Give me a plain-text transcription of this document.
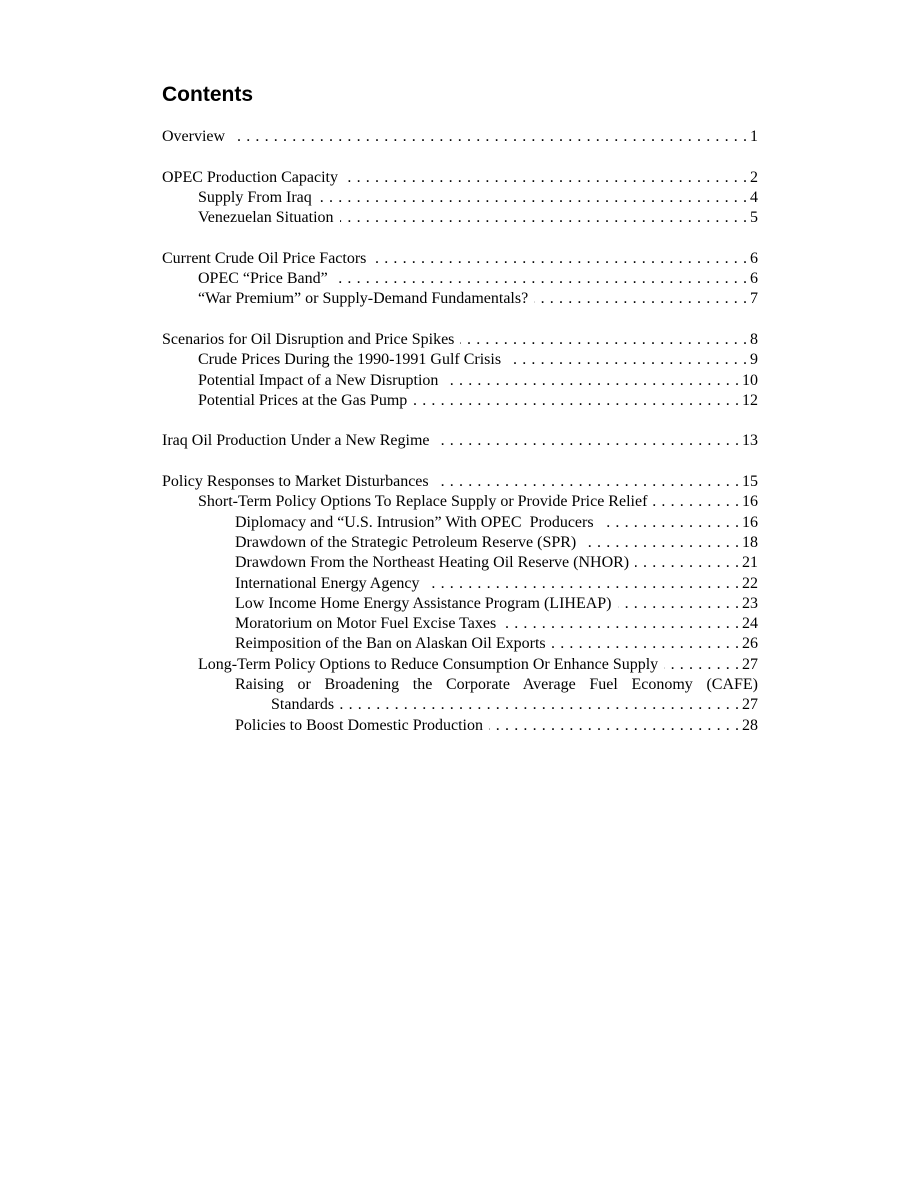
Contents
Overview . . .	1
OPEC Production Capacity . . .	2
Supply From Iraq . . .	4
Venezuelan Situation . . .	5
Current Crude Oil Price Factors . . .	6
OPEC “Price Band” . . .	6
“War Premium” or Supply-Demand Fundamentals? . . .	7
Scenarios for Oil Disruption and Price Spikes . . .	8
Crude Prices During the 1990-1991 Gulf Crisis . . .	9
Potential Impact of a New Disruption . . .	10
Potential Prices at the Gas Pump . . .	12
Iraq Oil Production Under a New Regime . . .	13
Policy Responses to Market Disturbances . . .	15
Short-Term Policy Options To Replace Supply or Provide Price Relief . . .	16
Diplomacy and “U.S. Intrusion” With OPEC  Producers . . .	16
Drawdown of the Strategic Petroleum Reserve (SPR) . . .	18
Drawdown From the Northeast Heating Oil Reserve (NHOR) . . .	21
International Energy Agency . . .	22
Low Income Home Energy Assistance Program (LIHEAP) . . .	23
Moratorium on Motor Fuel Excise Taxes . . .	24
Reimposition of the Ban on Alaskan Oil Exports . . .	26
Long-Term Policy Options to Reduce Consumption Or Enhance Supply . . .	27
Raising or Broadening the Corporate Average Fuel Economy (CAFE)
Standards . . .	27
Policies to Boost Domestic Production . . .	28
